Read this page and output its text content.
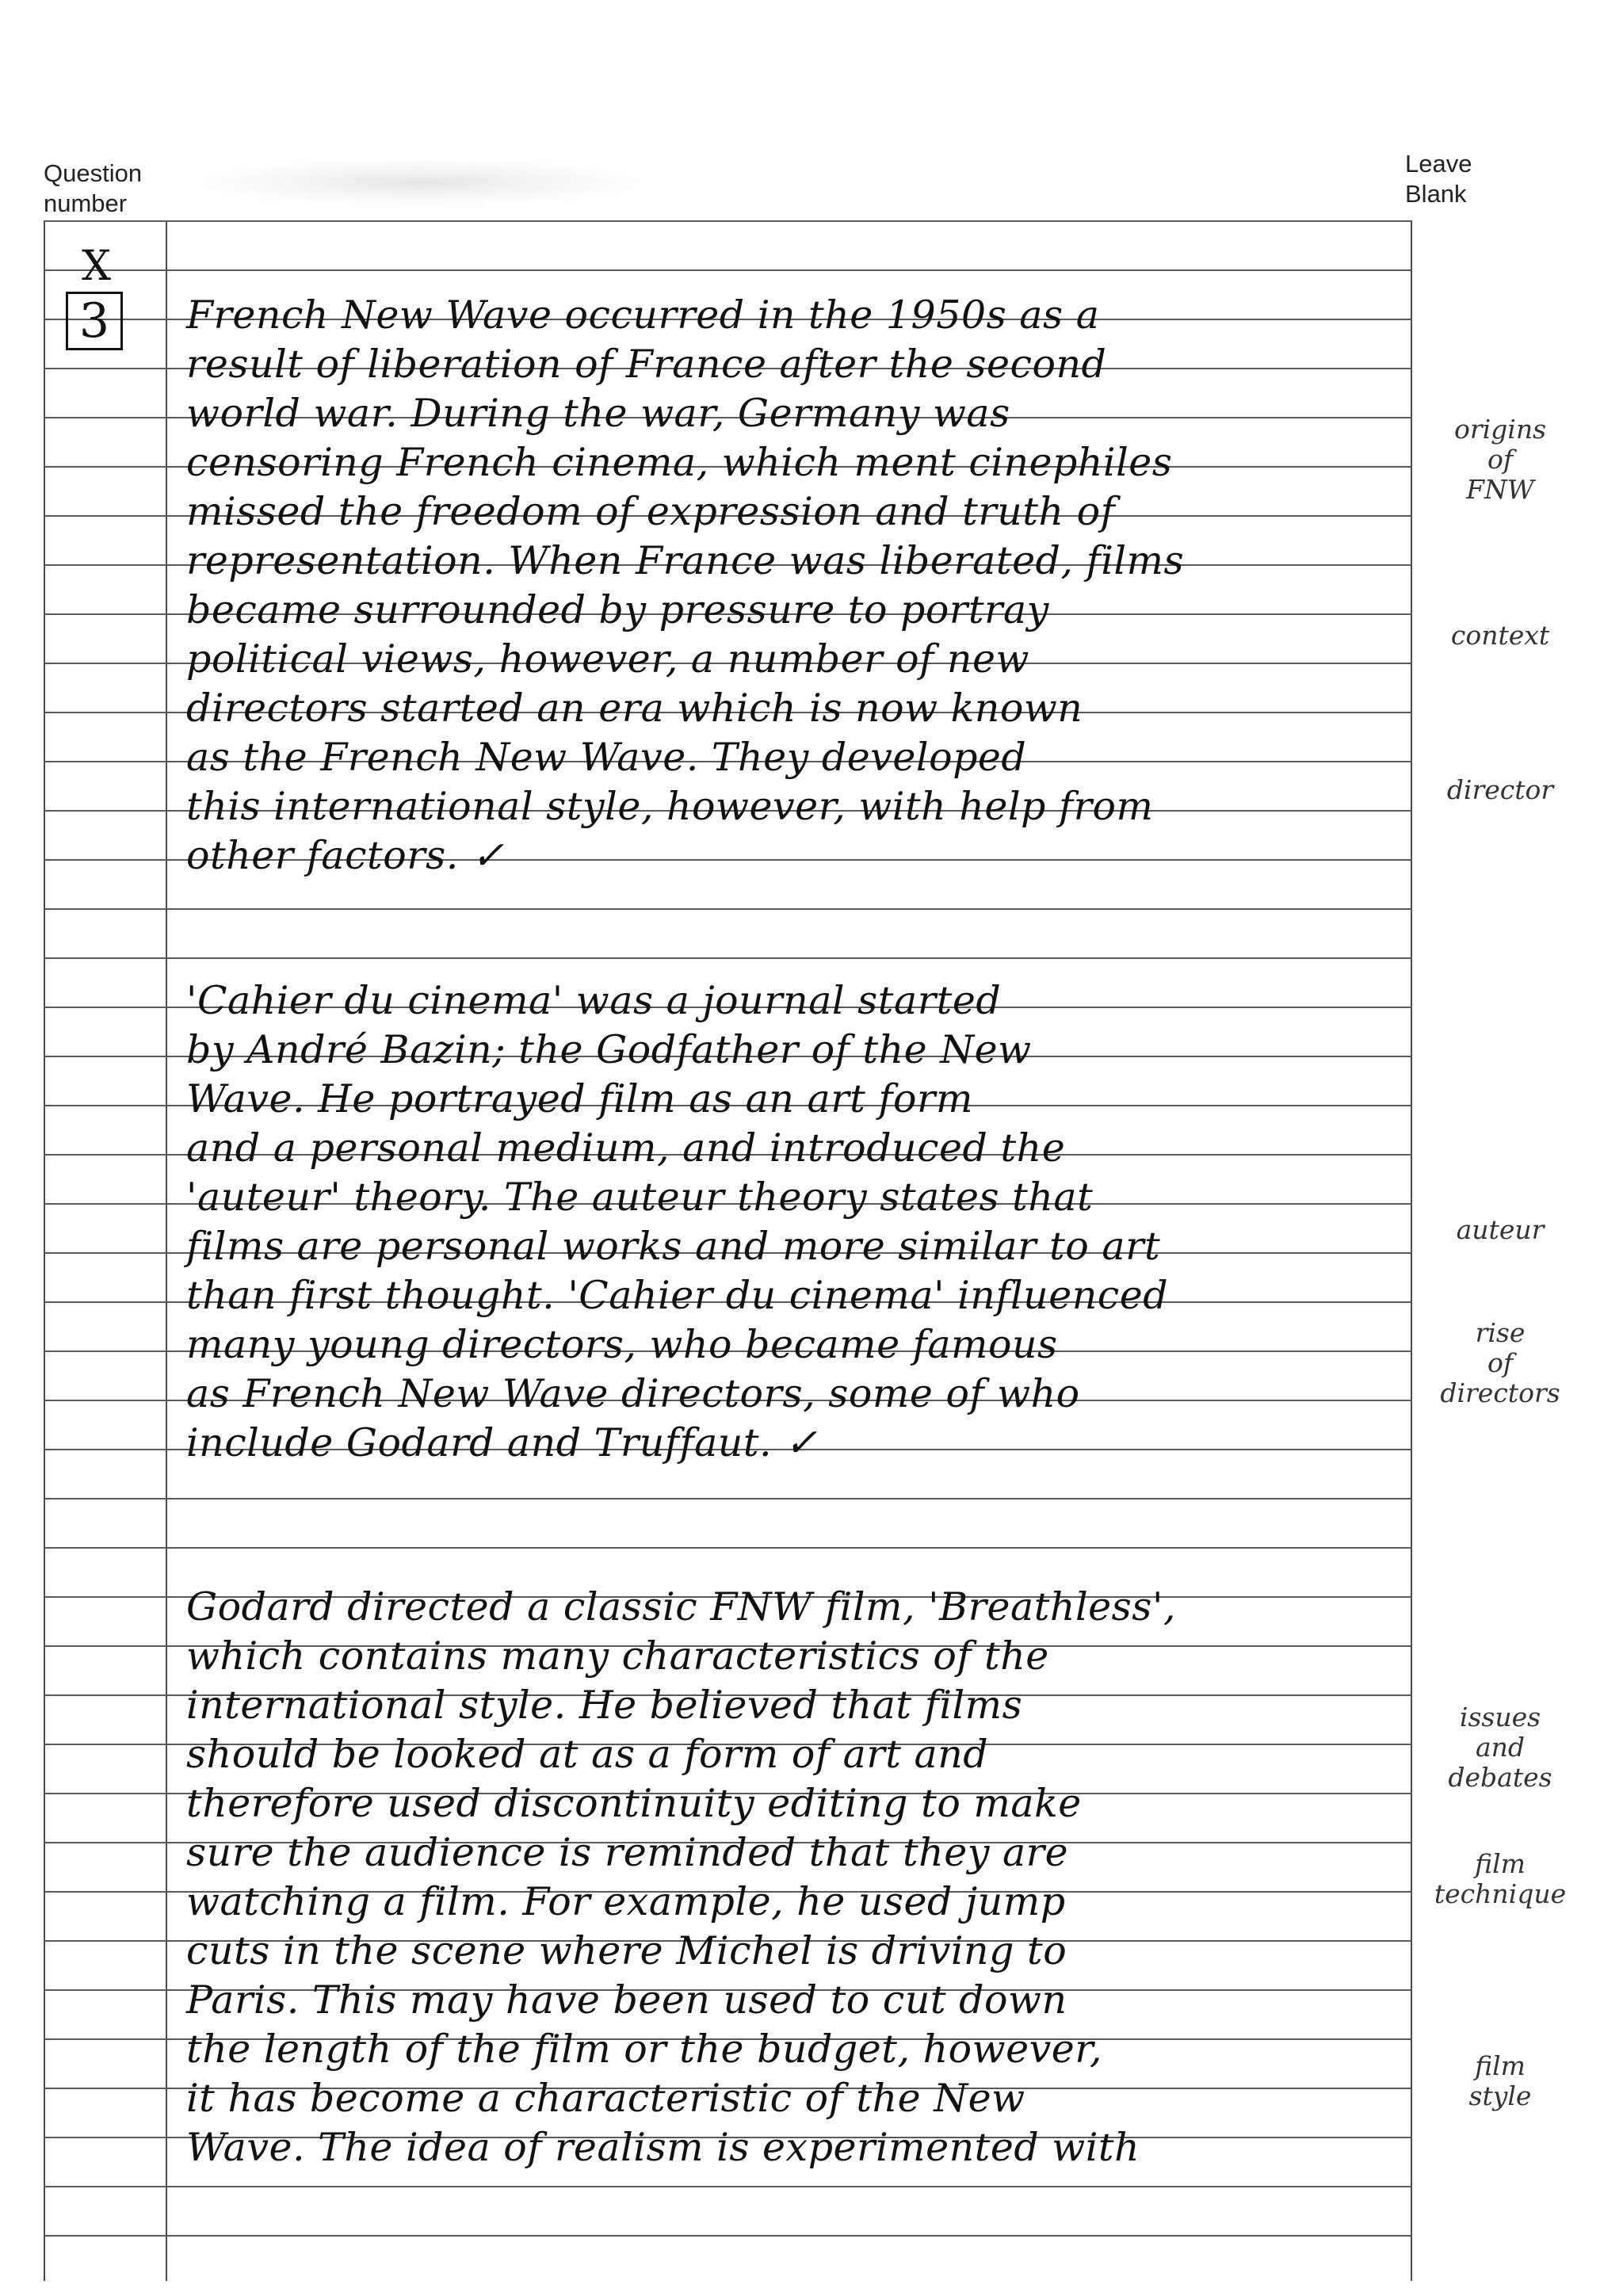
Question
number
Leave
Blank
X
3	French New Wave occurred in the 1950s as a
result of liberation of France after the second
world war. During the war, Germany was
censoring French cinema, which ment cinephiles
missed the freedom of expression and truth of
representation. When France was liberated, films
became surrounded by pressure to portray
political views, however, a number of new
directors started an era which is now known
as the French New Wave. They developed
this international style, however, with help from
other factors. ✓
'Cahier du cinema' was a journal started
by André Bazin; the Godfather of the New
Wave. He portrayed film as an art form
and a personal medium, and introduced the
'auteur' theory. The auteur theory states that
films are personal works and more similar to art
than first thought. 'Cahier du cinema' influenced
many young directors, who became famous
as French New Wave directors, some of who
include Godard and Truffaut. ✓
Godard directed a classic FNW film, 'Breathless',
which contains many characteristics of the
international style. He believed that films
should be looked at as a form of art and
therefore used discontinuity editing to make
sure the audience is reminded that they are
watching a film. For example, he used jump
cuts in the scene where Michel is driving to
Paris. This may have been used to cut down
the length of the film or the budget, however,
it has become a characteristic of the New
Wave. The idea of realism is experimented with
origins
of
FNW
context
director
auteur
rise
of
directors
issues
and
debates
film
technique
film
style
